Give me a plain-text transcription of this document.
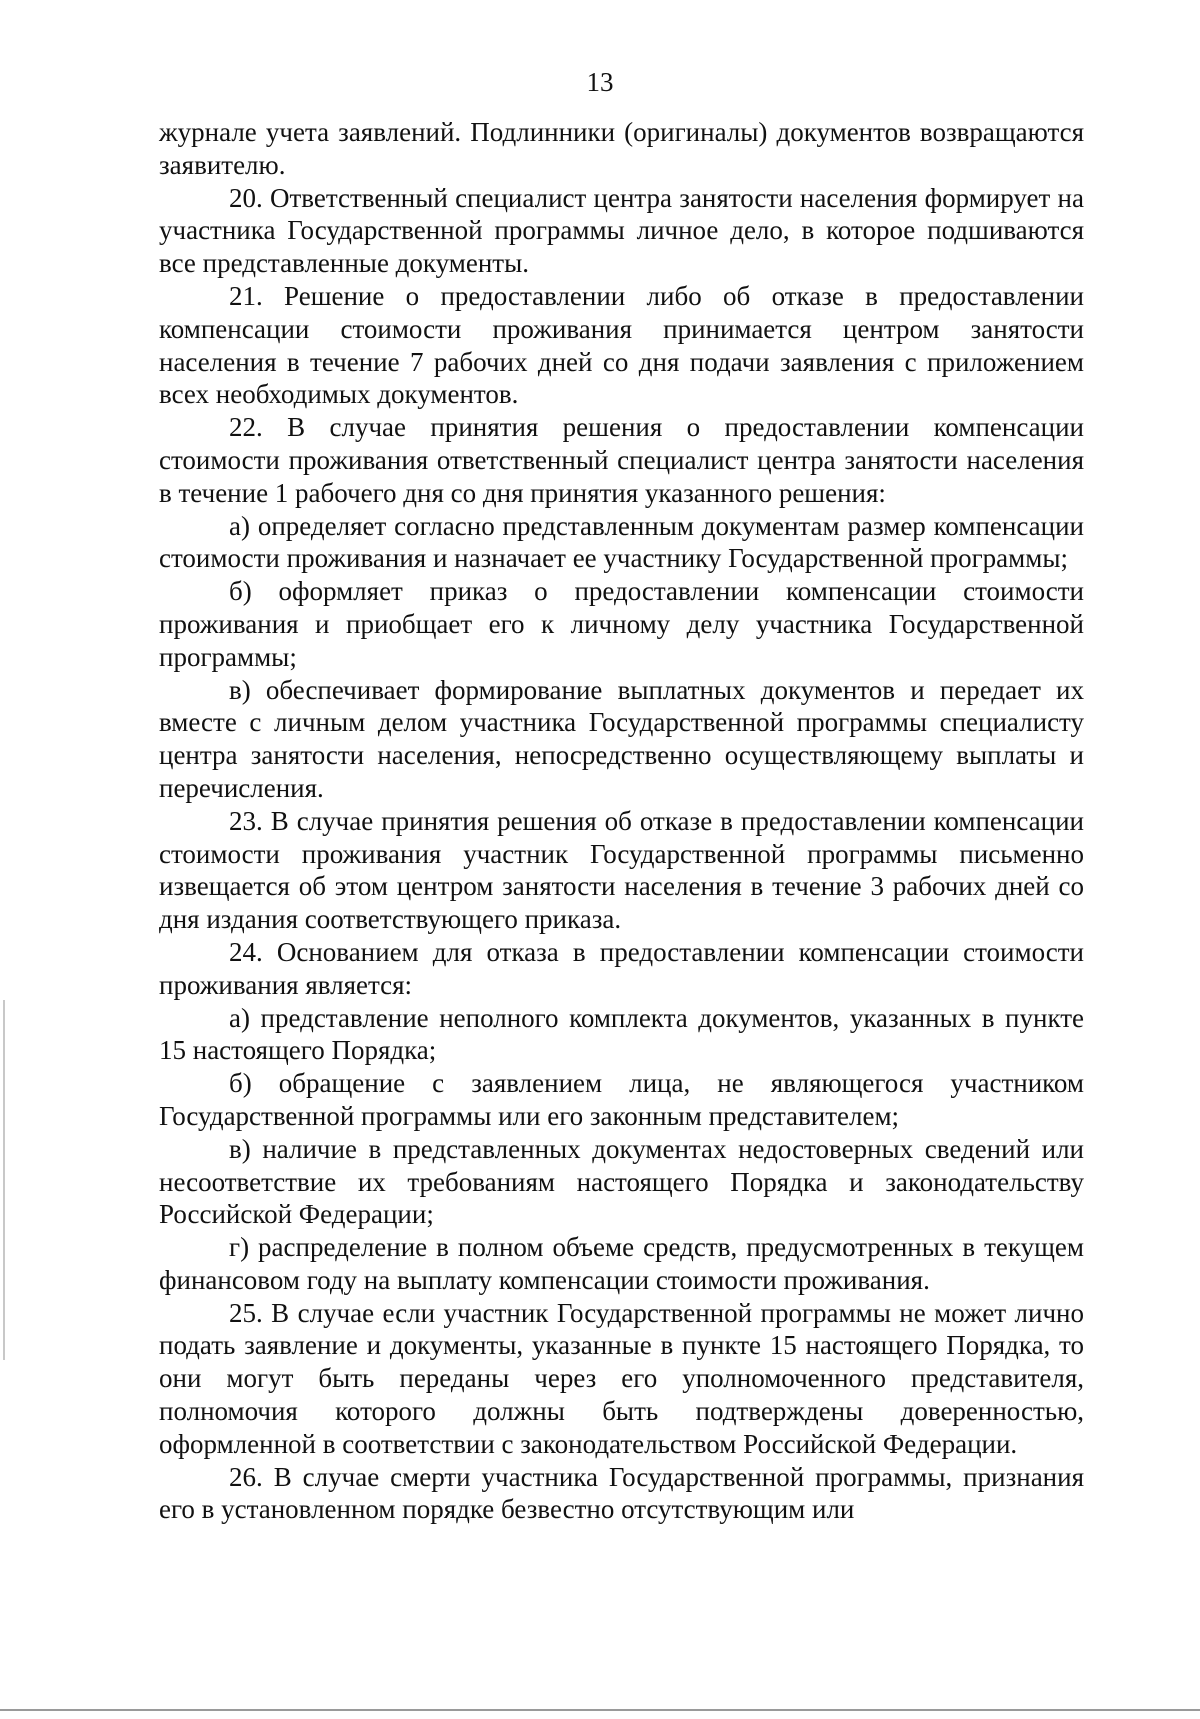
13

журнале учета заявлений. Подлинники (оригиналы) документов возвращаются заявителю.

20. Ответственный специалист центра занятости населения формирует на участника Государственной программы личное дело, в которое подшиваются все представленные документы.

21. Решение о предоставлении либо об отказе в предоставлении компенсации стоимости проживания принимается центром занятости населения в течение 7 рабочих дней со дня подачи заявления с приложением всех необходимых документов.

22. В случае принятия решения о предоставлении компенсации стоимости проживания ответственный специалист центра занятости населения в течение 1 рабочего дня со дня принятия указанного решения:

а) определяет согласно представленным документам размер компенсации стоимости проживания и назначает ее участнику Государственной программы;

б) оформляет приказ о предоставлении компенсации стоимости проживания и приобщает его к личному делу участника Государственной программы;

в) обеспечивает формирование выплатных документов и передает их вместе с личным делом участника Государственной программы специалисту центра занятости населения, непосредственно осуществляющему выплаты и перечисления.

23. В случае принятия решения об отказе в предоставлении компенсации стоимости проживания участник Государственной программы письменно извещается об этом центром занятости населения в течение 3 рабочих дней со дня издания соответствующего приказа.

24. Основанием для отказа в предоставлении компенсации стоимости проживания является:

а) представление неполного комплекта документов, указанных в пункте 15 настоящего Порядка;

б) обращение с заявлением лица, не являющегося участником Государственной программы или его законным представителем;

в) наличие в представленных документах недостоверных сведений или несоответствие их требованиям настоящего Порядка и законодательству Российской Федерации;

г) распределение в полном объеме средств, предусмотренных в текущем финансовом году на выплату компенсации стоимости проживания.

25. В случае если участник Государственной программы не может лично подать заявление и документы, указанные в пункте 15 настоящего Порядка, то они могут быть переданы через его уполномоченного представителя, полномочия которого должны быть подтверждены доверенностью, оформленной в соответствии с законодательством Российской Федерации.

26. В случае смерти участника Государственной программы, признания его в установленном порядке безвестно отсутствующим или
